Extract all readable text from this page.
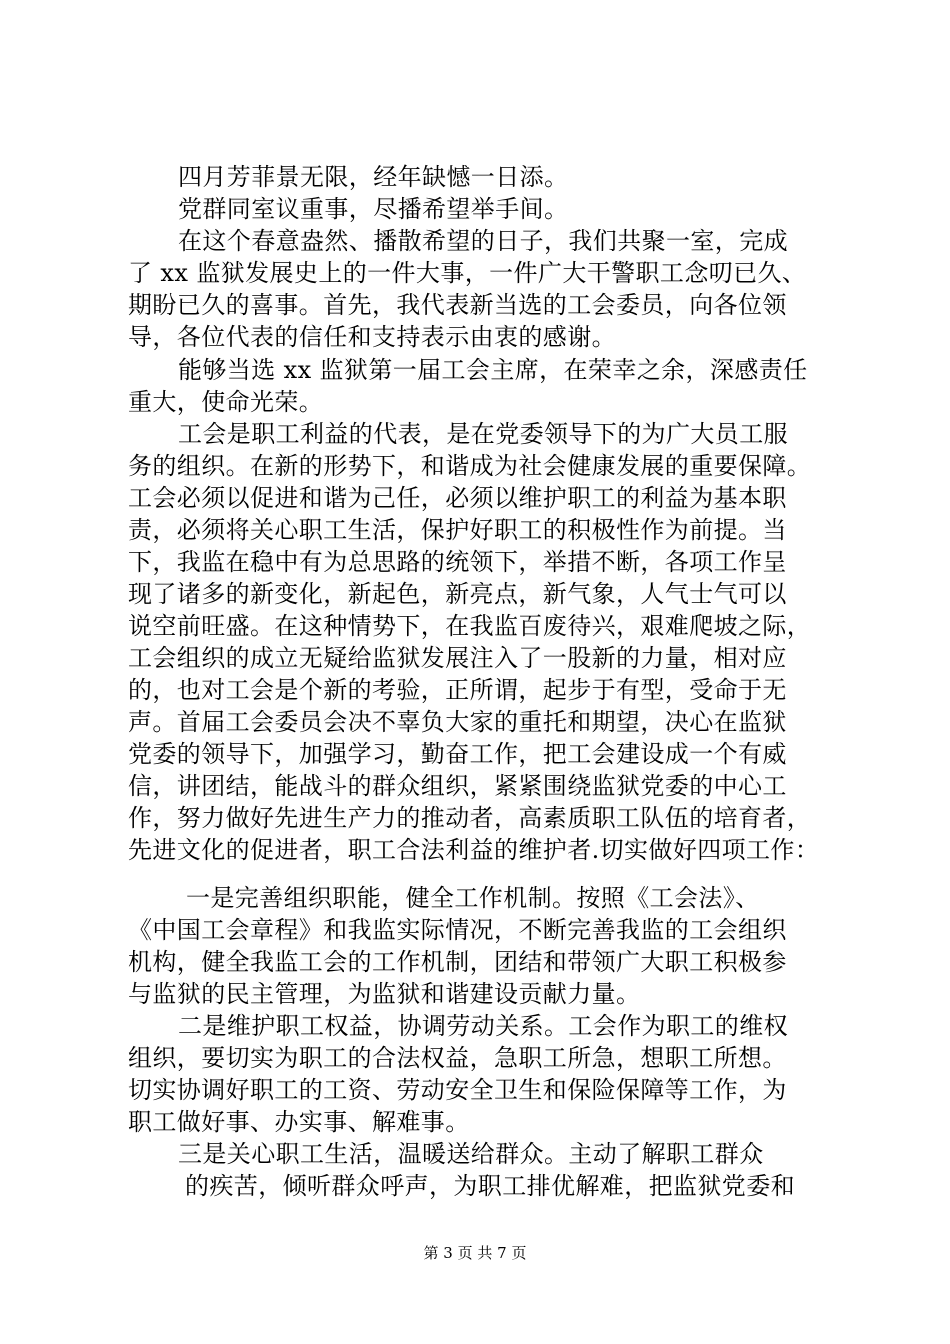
四月芳菲景无限，经年缺憾一日添。
党群同室议重事，尽播希望举手间。
在这个春意盎然、播散希望的日子，我们共聚一室，完成
了 xx 监狱发展史上的一件大事，一件广大干警职工念叨已久、
期盼已久的喜事。首先，我代表新当选的工会委员，向各位领
导，各位代表的信任和支持表示由衷的感谢。
能够当选 xx 监狱第一届工会主席，在荣幸之余，深感责任
重大，使命光荣。
工会是职工利益的代表，是在党委领导下的为广大员工服
务的组织。在新的形势下，和谐成为社会健康发展的重要保障。
工会必须以促进和谐为己任，必须以维护职工的利益为基本职
责，必须将关心职工生活，保护好职工的积极性作为前提。当
下，我监在稳中有为总思路的统领下，举措不断，各项工作呈
现了诸多的新变化，新起色，新亮点，新气象，人气士气可以
说空前旺盛。在这种情势下，在我监百废待兴，艰难爬坡之际，
工会组织的成立无疑给监狱发展注入了一股新的力量，相对应
的，也对工会是个新的考验，正所谓，起步于有型，受命于无
声。首届工会委员会决不辜负大家的重托和期望，决心在监狱
党委的领导下，加强学习，勤奋工作，把工会建设成一个有威
信，讲团结，能战斗的群众组织，紧紧围绕监狱党委的中心工
作，努力做好先进生产力的推动者，高素质职工队伍的培育者，
先进文化的促进者，职工合法利益的维护者.切实做好四项工作：
一是完善组织职能，健全工作机制。按照《工会法》、
《中国工会章程》和我监实际情况，不断完善我监的工会组织
机构，健全我监工会的工作机制，团结和带领广大职工积极参
与监狱的民主管理，为监狱和谐建设贡献力量。
二是维护职工权益，协调劳动关系。工会作为职工的维权
组织，要切实为职工的合法权益，急职工所急，想职工所想。
切实协调好职工的工资、劳动安全卫生和保险保障等工作，为
职工做好事、办实事、解难事。
三是关心职工生活，温暖送给群众。主动了解职工群众
的疾苦，倾听群众呼声，为职工排优解难，把监狱党委和
第 3 页 共 7 页
